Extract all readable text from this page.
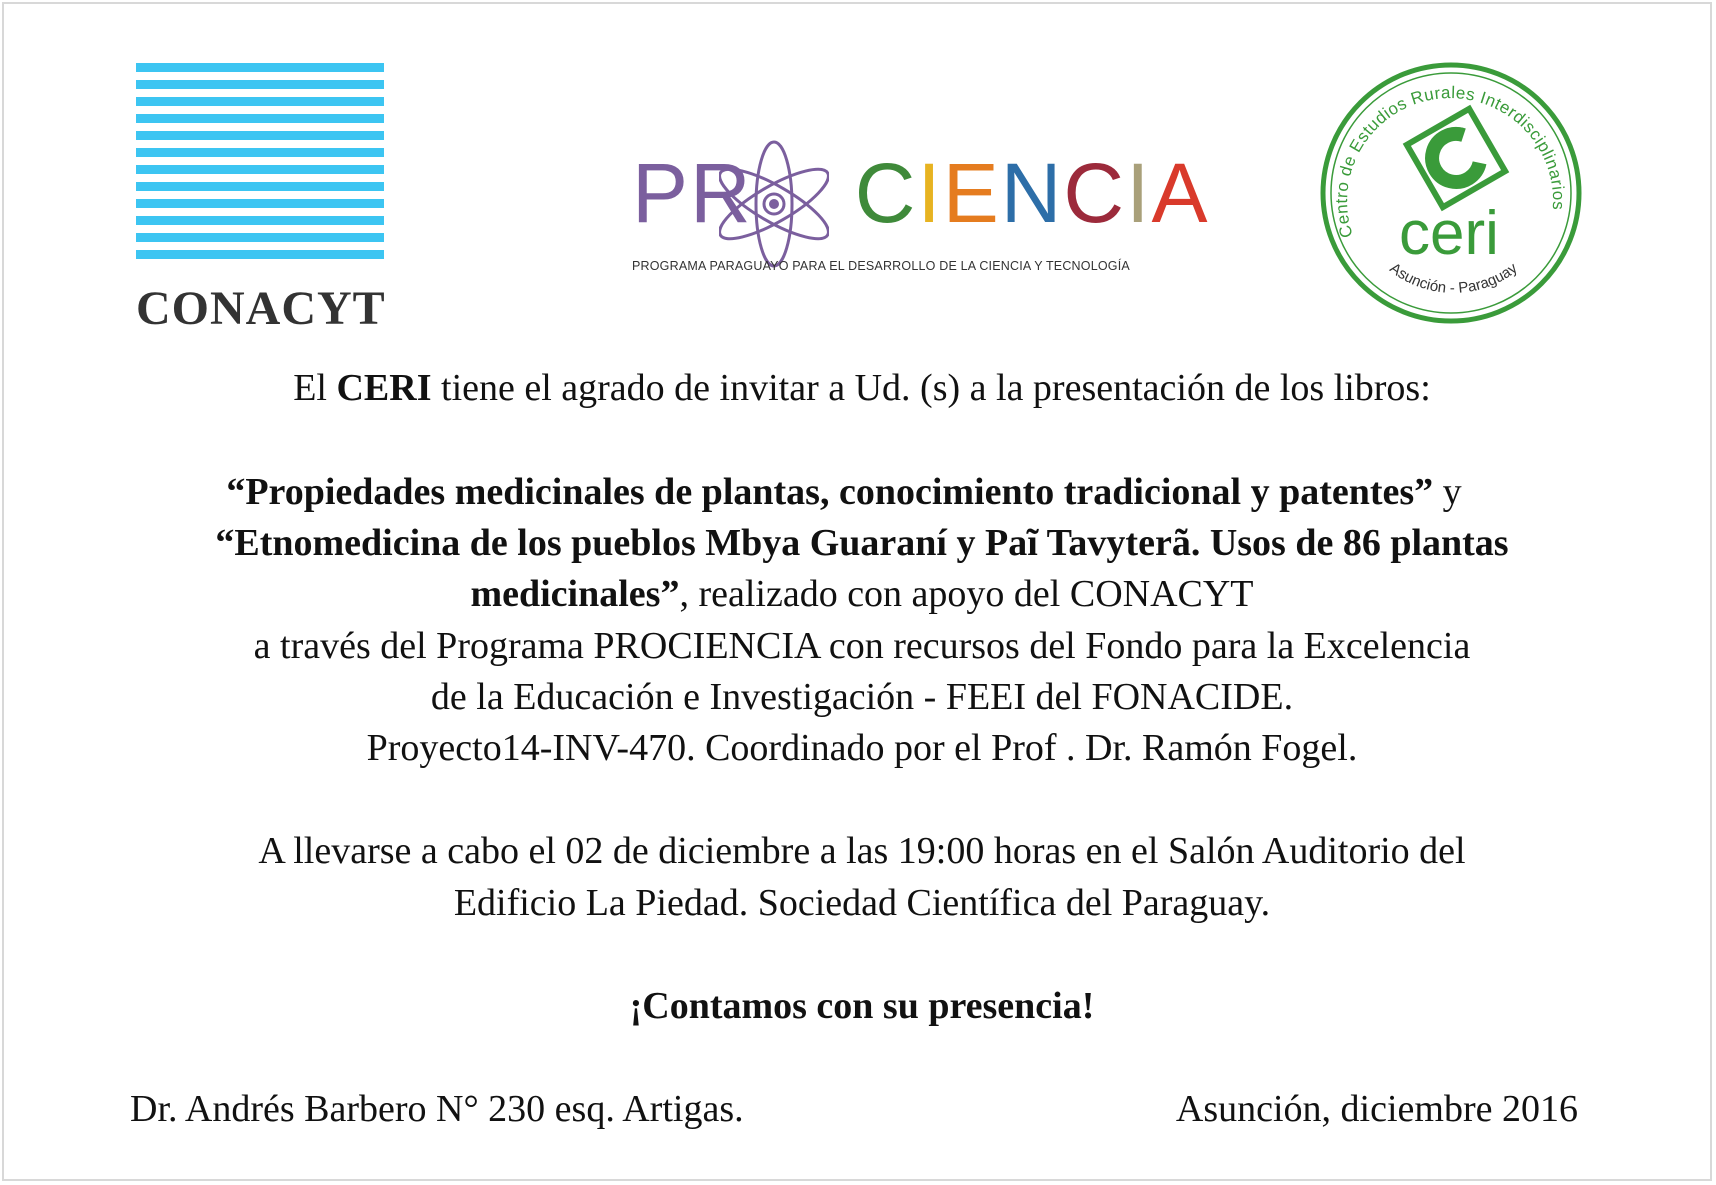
CONACYT
PR CIENCIA
PROGRAMA PARAGUAYO PARA EL DESARROLLO DE LA CIENCIA Y TECNOLOGÍA
Centro de Estudios Rurales Interdisciplinarios
Asunción - Paraguay
ceri
El CERI tiene el agrado de invitar a Ud. (s) a la presentación de los libros:
“Propiedades medicinales de plantas, conocimiento tradicional y patentes” y
“Etnomedicina de los pueblos Mbya Guaraní y Paĩ Tavyterã. Usos de 86 plantas
medicinales”, realizado con apoyo del CONACYT
a través del Programa PROCIENCIA con recursos del Fondo para la Excelencia
de la Educación e Investigación - FEEI del FONACIDE.
Proyecto14-INV-470. Coordinado por el Prof . Dr. Ramón Fogel.
A llevarse a cabo el 02 de diciembre a las 19:00 horas en el Salón Auditorio del
Edificio La Piedad. Sociedad Científica del Paraguay.
¡Contamos con su presencia!
Dr. Andrés Barbero N° 230 esq. Artigas.	Asunción, diciembre 2016
